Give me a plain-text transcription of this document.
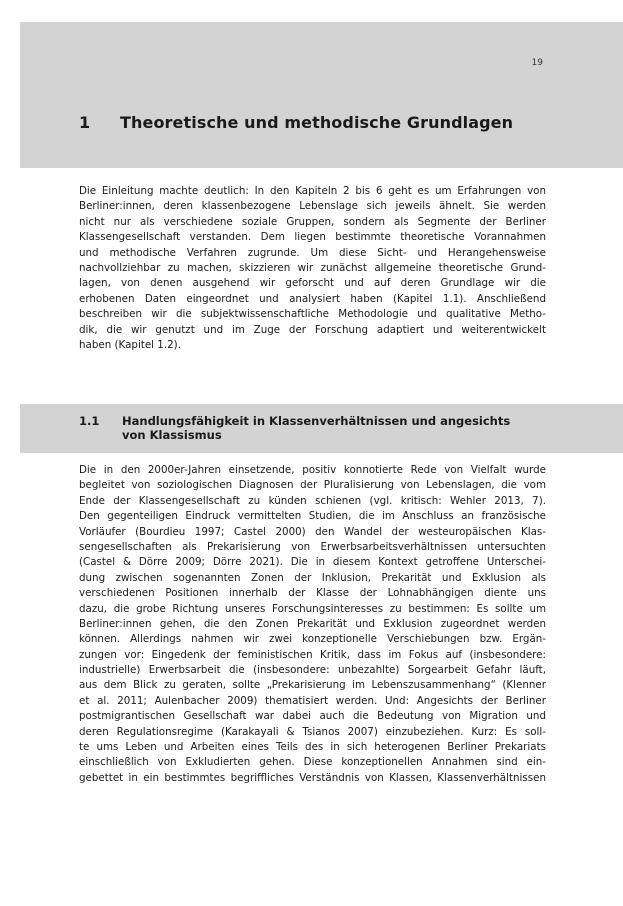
19
1 Theoretische und methodische Grundlagen
Die Einleitung machte deutlich: In den Kapiteln 2 bis 6 geht es um Erfahrungen von
Berliner:innen, deren klassenbezogene Lebenslage sich jeweils ähnelt. Sie werden
nicht nur als verschiedene soziale Gruppen, sondern als Segmente der Berliner
Klassengesellschaft verstanden. Dem liegen bestimmte theoretische Vorannahmen
und methodische Verfahren zugrunde. Um diese Sicht- und Herangehensweise
nachvollziehbar zu machen, skizzieren wir zunächst allgemeine theoretische Grund-
lagen, von denen ausgehend wir geforscht und auf deren Grundlage wir die
erhobenen Daten eingeordnet und analysiert haben (Kapitel 1.1). Anschließend
beschreiben wir die subjektwissenschaftliche Methodologie und qualitative Metho-
dik, die wir genutzt und im Zuge der Forschung adaptiert und weiterentwickelt
haben (Kapitel 1.2).
1.1 Handlungsfähigkeit in Klassenverhältnissen und angesichts
von Klassismus
Die in den 2000er-Jahren einsetzende, positiv konnotierte Rede von Vielfalt wurde
begleitet von soziologischen Diagnosen der Pluralisierung von Lebenslagen, die vom
Ende der Klassengesellschaft zu künden schienen (vgl. kritisch: Wehler 2013, 7).
Den gegenteiligen Eindruck vermittelten Studien, die im Anschluss an französische
Vorläufer (Bourdieu 1997; Castel 2000) den Wandel der westeuropäischen Klas-
sengesellschaften als Prekarisierung von Erwerbsarbeitsverhältnissen untersuchten
(Castel & Dörre 2009; Dörre 2021). Die in diesem Kontext getroffene Unterschei-
dung zwischen sogenannten Zonen der Inklusion, Prekarität und Exklusion als
verschiedenen Positionen innerhalb der Klasse der Lohnabhängigen diente uns
dazu, die grobe Richtung unseres Forschungsinteresses zu bestimmen: Es sollte um
Berliner:innen gehen, die den Zonen Prekarität und Exklusion zugeordnet werden
können. Allerdings nahmen wir zwei konzeptionelle Verschiebungen bzw. Ergän-
zungen vor: Eingedenk der feministischen Kritik, dass im Fokus auf (insbesondere:
industrielle) Erwerbsarbeit die (insbesondere: unbezahlte) Sorgearbeit Gefahr läuft,
aus dem Blick zu geraten, sollte „Prekarisierung im Lebenszusammenhang“ (Klenner
et al. 2011; Aulenbacher 2009) thematisiert werden. Und: Angesichts der Berliner
postmigrantischen Gesellschaft war dabei auch die Bedeutung von Migration und
deren Regulationsregime (Karakayali & Tsianos 2007) einzubeziehen. Kurz: Es soll-
te ums Leben und Arbeiten eines Teils des in sich heterogenen Berliner Prekariats
einschließlich von Exkludierten gehen. Diese konzeptionellen Annahmen sind ein-
gebettet in ein bestimmtes begriffliches Verständnis von Klassen, Klassenverhältnissen
